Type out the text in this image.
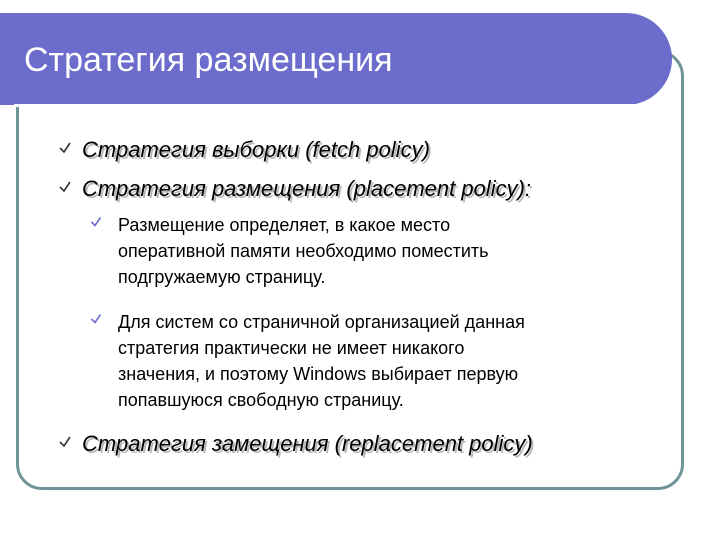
Стратегия размещения
Стратегия выборки (fetch policy)
Стратегия размещения (placement policy):
Размещение определяет, в какое место
оперативной памяти необходимо поместить
подгружаемую страницу.
Для систем со страничной организацией данная
стратегия практически не имеет никакого
значения, и поэтому Windows выбирает первую
попавшуюся свободную страницу.
Стратегия замещения (replacement policy)
